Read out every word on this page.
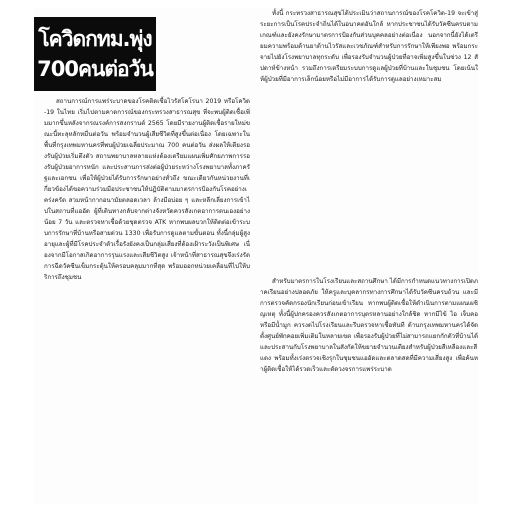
โควิดกทม.พุ่ง
700คนต่อวัน

ทั้งนี้ กระทรวงสาธารณสุขได้ประเมินว่าสถานการณ์ของโรคโควิด-19 จะเข้าสู่ระยะการเป็นโรคประจำถิ่นได้ในอนาคตอันใกล้ หากประชาชนได้รับวัคซีนครบตามเกณฑ์และยังคงรักษามาตรการป้องกันส่วนบุคคลอย่างต่อเนื่อง นอกจากนี้ยังได้เตรียมความพร้อมด้านยาต้านไวรัสและเวชภัณฑ์สำหรับการรักษาให้เพียงพอ พร้อมกระจายไปยังโรงพยาบาลทุกระดับ เพื่อรองรับจำนวนผู้ป่วยที่อาจเพิ่มสูงขึ้นในช่วง 12 สัปดาห์ข้างหน้า รวมถึงการเตรียมระบบการดูแลผู้ป่วยที่บ้านและในชุมชน โดยเน้นให้ผู้ป่วยที่มีอาการเล็กน้อยหรือไม่มีอาการได้รับการดูแลอย่างเหมาะสม

สถานการณ์การแพร่ระบาดของโรคติดเชื้อไวรัสโคโรนา 2019 หรือโควิด-19 ในไทย เริ่มไปตามคาดการณ์ของกระทรวงสาธารณสุข ที่จะพบผู้ติดเชื้อเพิ่มมากขึ้นหลังจากรณรงค์การสงกรานต์ 2565 โดยมีรายงานผู้ติดเชื้อรายใหม่ขณะนี้ทะลุหลักหมื่นต่อวัน พร้อมจำนวนผู้เสียชีวิตที่สูงขึ้นต่อเนื่อง โดยเฉพาะในพื้นที่กรุงเทพมหานครที่พบผู้ป่วยเฉลี่ยประมาณ 700 คนต่อวัน ส่งผลให้เตียงรองรับผู้ป่วยเริ่มตึงตัว สถานพยาบาลหลายแห่งต้องเตรียมแผนเพิ่มศักยภาพการรองรับผู้ป่วยอาการหนัก และประสานการส่งต่อผู้ป่วยระหว่างโรงพยาบาลทั้งภาครัฐและเอกชน เพื่อให้ผู้ป่วยได้รับการรักษาอย่างทั่วถึง ขณะเดียวกันหน่วยงานที่เกี่ยวข้องได้ขอความร่วมมือประชาชนให้ปฏิบัติตามมาตรการป้องกันโรคอย่างเคร่งครัด สวมหน้ากากอนามัยตลอดเวลา ล้างมือบ่อย ๆ และหลีกเลี่ยงการเข้าไปในสถานที่แออัด ผู้ที่เดินทางกลับจากต่างจังหวัดควรสังเกตอาการตนเองอย่างน้อย 7 วัน และตรวจหาเชื้อด้วยชุดตรวจ ATK หากพบผลบวกให้ติดต่อเข้าระบบการรักษาที่บ้านหรือสายด่วน 1330 เพื่อรับการดูแลตามขั้นตอน ทั้งนี้กลุ่มผู้สูงอายุและผู้ที่มีโรคประจำตัวเรื้อรังยังคงเป็นกลุ่มเสี่ยงที่ต้องเฝ้าระวังเป็นพิเศษ เนื่องจากมีโอกาสเกิดอาการรุนแรงและเสียชีวิตสูง เจ้าหน้าที่สาธารณสุขจึงเร่งรัดการฉีดวัคซีนเข็มกระตุ้นให้ครอบคลุมมากที่สุด พร้อมออกหน่วยเคลื่อนที่ไปให้บริการถึงชุมชน

สำหรับมาตรการในโรงเรียนและสถานศึกษา ได้มีการกำหนดแนวทางการเปิดภาคเรียนอย่างปลอดภัย ให้ครูและบุคลากรทางการศึกษาได้รับวัคซีนครบถ้วน และมีการตรวจคัดกรองนักเรียนก่อนเข้าเรียน หากพบผู้ติดเชื้อให้ดำเนินการตามแผนเผชิญเหตุ ทั้งนี้ผู้ปกครองควรสังเกตอาการบุตรหลานอย่างใกล้ชิด หากมีไข้ ไอ เจ็บคอ หรือมีน้ำมูก ควรงดไปโรงเรียนและรีบตรวจหาเชื้อทันที ด้านกรุงเทพมหานครได้จัดตั้งศูนย์พักคอยเพิ่มเติมในหลายเขต เพื่อรองรับผู้ป่วยที่ไม่สามารถแยกกักตัวที่บ้านได้ และประสานกับโรงพยาบาลในสังกัดให้ขยายจำนวนเตียงสำหรับผู้ป่วยสีเหลืองและสีแดง พร้อมทั้งเร่งตรวจเชิงรุกในชุมชนแออัดและตลาดสดที่มีความเสี่ยงสูง เพื่อค้นหาผู้ติดเชื้อให้ได้รวดเร็วและตัดวงจรการแพร่ระบาด
